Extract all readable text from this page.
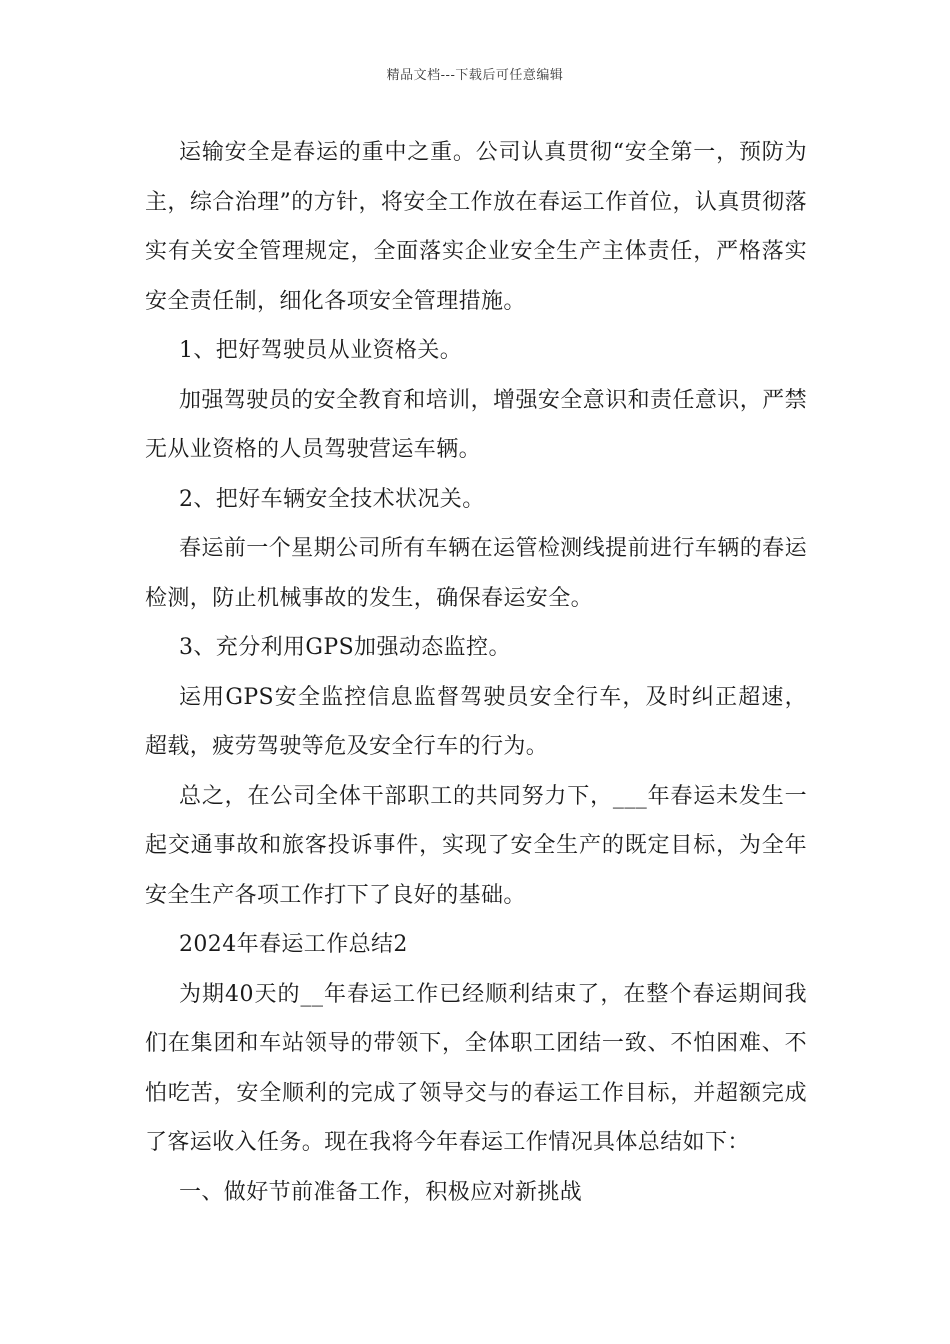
精品文档---下载后可任意编辑

运输安全是春运的重中之重。公司认真贯彻“安全第一，预防为主，综合治理”的方针，将安全工作放在春运工作首位，认真贯彻落实有关安全管理规定，全面落实企业安全生产主体责任，严格落实安全责任制，细化各项安全管理措施。

1、把好驾驶员从业资格关。

加强驾驶员的安全教育和培训，增强安全意识和责任意识，严禁无从业资格的人员驾驶营运车辆。

2、把好车辆安全技术状况关。

春运前一个星期公司所有车辆在运管检测线提前进行车辆的春运检测，防止机械事故的发生，确保春运安全。

3、充分利用GPS加强动态监控。

运用GPS安全监控信息监督驾驶员安全行车，及时纠正超速，超载，疲劳驾驶等危及安全行车的行为。

总之，在公司全体干部职工的共同努力下，___年春运未发生一起交通事故和旅客投诉事件，实现了安全生产的既定目标，为全年安全生产各项工作打下了良好的基础。

2024年春运工作总结2

为期40天的__年春运工作已经顺利结束了，在整个春运期间我们在集团和车站领导的带领下，全体职工团结一致、不怕困难、不怕吃苦，安全顺利的完成了领导交与的春运工作目标，并超额完成了客运收入任务。现在我将今年春运工作情况具体总结如下：

一、做好节前准备工作，积极应对新挑战
